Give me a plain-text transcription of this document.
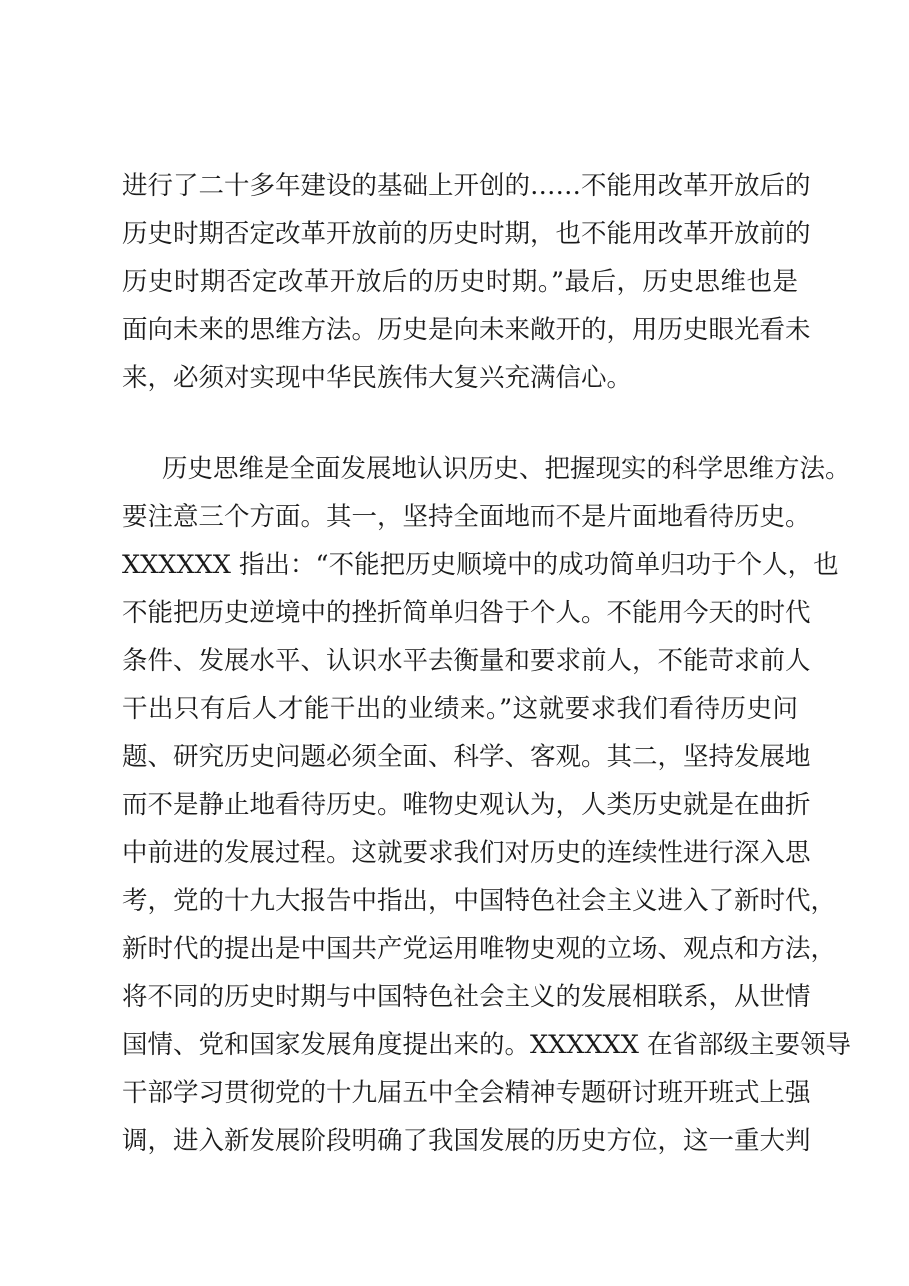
进行了二十多年建设的基础上开创的……不能用改革开放后的
历史时期否定改革开放前的历史时期，也不能用改革开放前的
历史时期否定改革开放后的历史时期。”最后，历史思维也是
面向未来的思维方法。历史是向未来敞开的，用历史眼光看未
来，必须对实现中华民族伟大复兴充满信心。
历史思维是全面发展地认识历史、把握现实的科学思维方法。
要注意三个方面。其一，坚持全面地而不是片面地看待历史。
XXXXXX 指出：“不能把历史顺境中的成功简单归功于个人，也
不能把历史逆境中的挫折简单归咎于个人。不能用今天的时代
条件、发展水平、认识水平去衡量和要求前人，不能苛求前人
干出只有后人才能干出的业绩来。”这就要求我们看待历史问
题、研究历史问题必须全面、科学、客观。其二，坚持发展地
而不是静止地看待历史。唯物史观认为，人类历史就是在曲折
中前进的发展过程。这就要求我们对历史的连续性进行深入思
考，党的十九大报告中指出，中国特色社会主义进入了新时代，
新时代的提出是中国共产党运用唯物史观的立场、观点和方法，
将不同的历史时期与中国特色社会主义的发展相联系，从世情
国情、党和国家发展角度提出来的。XXXXXX 在省部级主要领导
干部学习贯彻党的十九届五中全会精神专题研讨班开班式上强
调，进入新发展阶段明确了我国发展的历史方位，这一重大判
